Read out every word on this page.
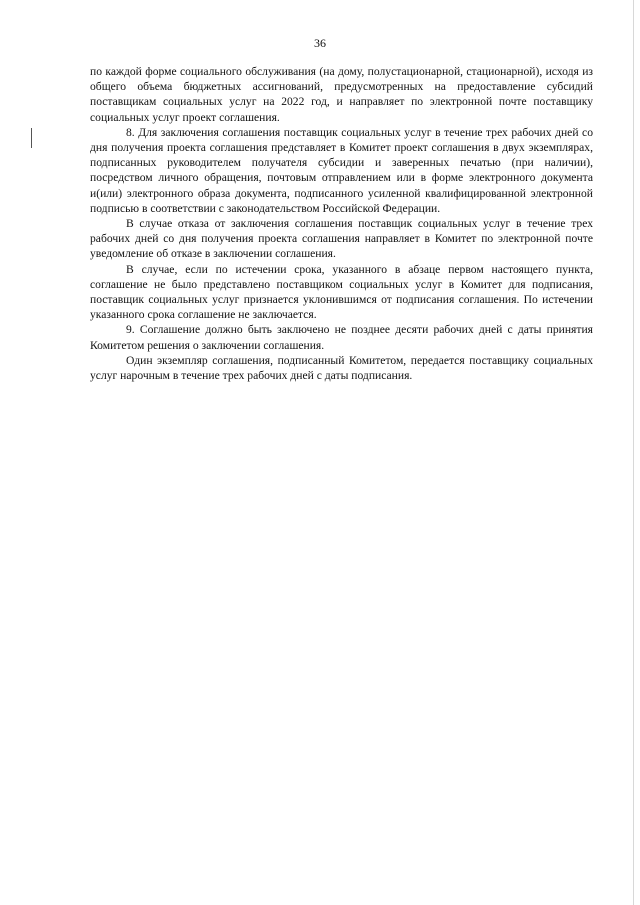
36

по каждой форме социального обслуживания (на дому, полустационарной, стационарной), исходя из общего объема бюджетных ассигнований, предусмотренных на предоставление субсидий поставщикам социальных услуг на 2022 год, и направляет по электронной почте поставщику социальных услуг проект соглашения.

8. Для заключения соглашения поставщик социальных услуг в течение трех рабочих дней со дня получения проекта соглашения представляет в Комитет проект соглашения в двух экземплярах, подписанных руководителем получателя субсидии и заверенных печатью (при наличии), посредством личного обращения, почтовым отправлением или в форме электронного документа и(или) электронного образа документа, подписанного усиленной квалифицированной электронной подписью в соответствии с законодательством Российской Федерации.

В случае отказа от заключения соглашения поставщик социальных услуг в течение трех рабочих дней со дня получения проекта соглашения направляет в Комитет по электронной почте уведомление об отказе в заключении соглашения.

В случае, если по истечении срока, указанного в абзаце первом настоящего пункта, соглашение не было представлено поставщиком социальных услуг в Комитет для подписания, поставщик социальных услуг признается уклонившимся от подписания соглашения. По истечении указанного срока соглашение не заключается.

9. Соглашение должно быть заключено не позднее десяти рабочих дней с даты принятия Комитетом решения о заключении соглашения.

Один экземпляр соглашения, подписанный Комитетом, передается поставщику социальных услуг нарочным в течение трех рабочих дней с даты подписания.
